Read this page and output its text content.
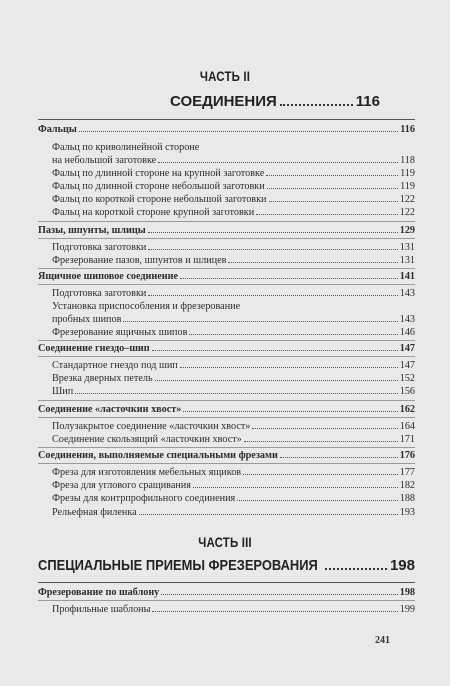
ЧАСТЬ II
СОЕДИНЕНИЯ	116
Фальцы	116
Фальц по криволинейной стороне
на небольшой заготовке	118
Фальц по длинной стороне на крупной заготовке	119
Фальц по длинной стороне небольшой заготовки	119
Фальц по короткой стороне небольшой заготовки	122
Фальц на короткой стороне крупной заготовки	122
Пазы, шпунты, шлицы	129
Подготовка заготовки	131
Фрезерование пазов, шпунтов и шлицев	131
Ящичное шиповое соединение	141
Подготовка заготовки	143
Установка приспособления и фрезерование
пробных шипов	143
Фрезерование ящичных шипов	146
Соединение гнездо–шип	147
Стандартное гнездо под шип	147
Врезка дверных петель	152
Шип	156
Соединение «ласточкин хвост»	162
Полузакрытое соединение «ласточкин хвост»	164
Соединение скользящий «ласточкин хвост»	171
Соединения, выполняемые специальными фрезами	176
Фреза для изготовления мебельных ящиков	177
Фреза для углового сращивания	182
Фрезы для контрпрофильного соединения	188
Рельефная филенка	193
ЧАСТЬ III
СПЕЦИАЛЬНЫЕ ПРИЕМЫ ФРЕЗЕРОВАНИЯ	198
Фрезерование по шаблону	198
Профильные шаблоны	199
241
